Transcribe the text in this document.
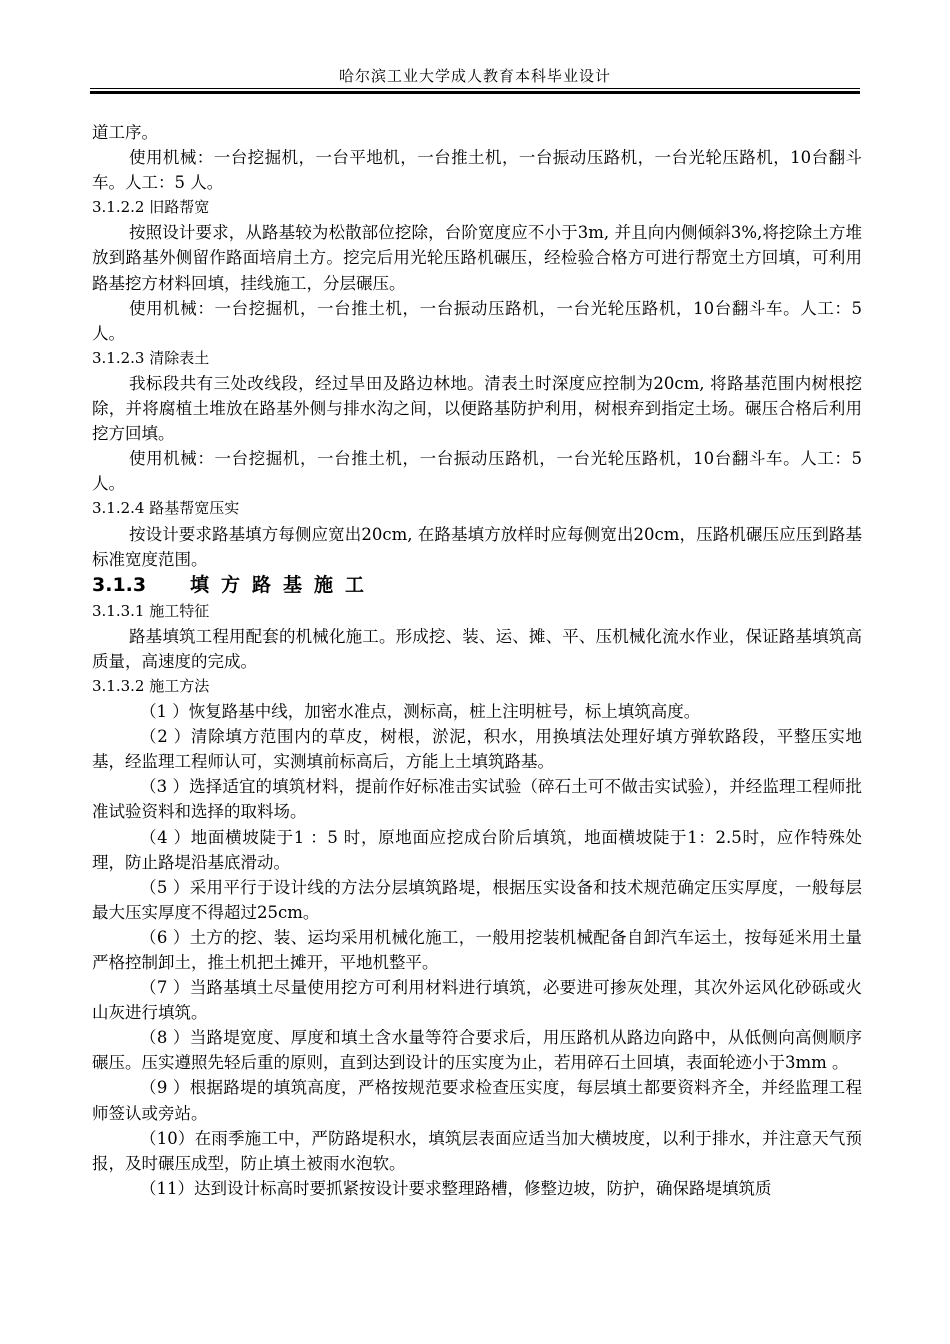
哈尔滨工业大学成人教育本科毕业设计

道工序。

使用机械：一台挖掘机，一台平地机，一台推土机，一台振动压路机，一台光轮压路机，10台翻斗车。人工：5 人。

3.1.2.2 旧路帮宽

按照设计要求，从路基较为松散部位挖除，台阶宽度应不小于3m, 并且向内侧倾斜3%,将挖除土方堆放到路基外侧留作路面培肩土方。挖完后用光轮压路机碾压，经检验合格方可进行帮宽土方回填，可利用路基挖方材料回填，挂线施工，分层碾压。

使用机械：一台挖掘机，一台推土机，一台振动压路机，一台光轮压路机，10台翻斗车。人工：5 人。

3.1.2.3 清除表土

我标段共有三处改线段，经过旱田及路边林地。清表土时深度应控制为20cm, 将路基范围内树根挖除，并将腐植土堆放在路基外侧与排水沟之间，以便路基防护利用，树根弃到指定土场。碾压合格后利用挖方回填。

使用机械：一台挖掘机，一台推土机，一台振动压路机，一台光轮压路机，10台翻斗车。人工：5 人。

3.1.2.4 路基帮宽压实

按设计要求路基填方每侧应宽出20cm, 在路基填方放样时应每侧宽出20cm，压路机碾压应压到路基标准宽度范围。

3.1.3 填方路基施工

3.1.3.1 施工特征

路基填筑工程用配套的机械化施工。形成挖、装、运、摊、平、压机械化流水作业，保证路基填筑高质量，高速度的完成。

3.1.3.2 施工方法

（1 ）恢复路基中线，加密水准点，测标高，桩上注明桩号，标上填筑高度。

（2 ）清除填方范围内的草皮，树根，淤泥，积水，用换填法处理好填方弹软路段，平整压实地基，经监理工程师认可，实测填前标高后，方能上土填筑路基。

（3 ）选择适宜的填筑材料，提前作好标准击实试验（碎石土可不做击实试验），并经监理工程师批准试验资料和选择的取料场。

（4 ）地面横坡陡于1 ：5 时，原地面应挖成台阶后填筑，地面横坡陡于1：2.5时，应作特殊处理，防止路堤沿基底滑动。

（5 ）采用平行于设计线的方法分层填筑路堤，根据压实设备和技术规范确定压实厚度，一般每层最大压实厚度不得超过25cm。

（6 ）土方的挖、装、运均采用机械化施工，一般用挖装机械配备自卸汽车运土，按每延米用土量严格控制卸土，推土机把土摊开，平地机整平。

（7 ）当路基填土尽量使用挖方可利用材料进行填筑，必要进可掺灰处理，其次外运风化砂砾或火山灰进行填筑。

（8 ）当路堤宽度、厚度和填土含水量等符合要求后，用压路机从路边向路中，从低侧向高侧顺序碾压。压实遵照先轻后重的原则，直到达到设计的压实度为止，若用碎石土回填，表面轮迹小于3mm 。

（9 ）根据路堤的填筑高度，严格按规范要求检查压实度，每层填土都要资料齐全，并经监理工程师签认或旁站。

（10）在雨季施工中，严防路堤积水，填筑层表面应适当加大横坡度，以利于排水，并注意天气预报，及时碾压成型，防止填土被雨水泡软。

（11）达到设计标高时要抓紧按设计要求整理路槽，修整边坡，防护，确保路堤填筑质
